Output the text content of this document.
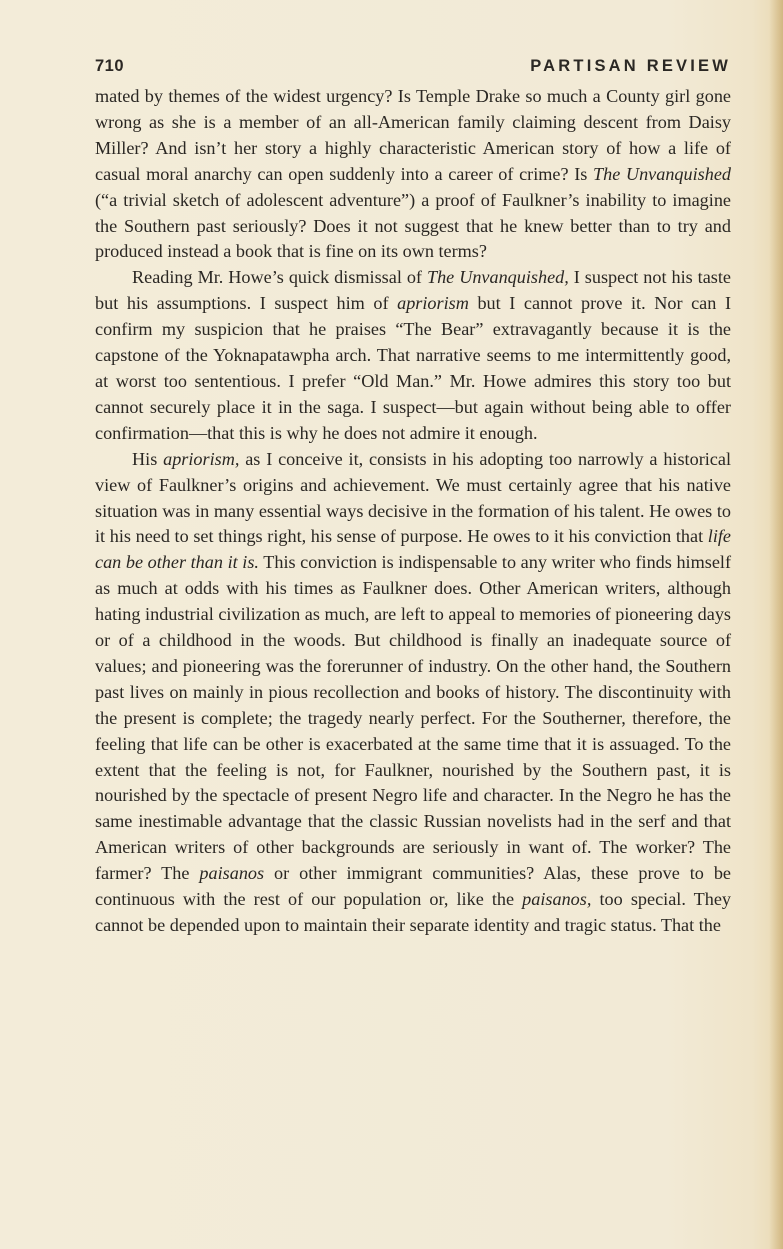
710	PARTISAN REVIEW

mated by themes of the widest urgency? Is Temple Drake so much a County girl gone wrong as she is a member of an all-American family claiming descent from Daisy Miller? And isn’t her story a highly characteristic American story of how a life of casual moral anarchy can open suddenly into a career of crime? Is The Unvanquished (“a trivial sketch of adolescent adventure”) a proof of Faulkner’s inability to imagine the Southern past seriously? Does it not suggest that he knew better than to try and produced instead a book that is fine on its own terms?

Reading Mr. Howe’s quick dismissal of The Unvanquished, I suspect not his taste but his assumptions. I suspect him of apriorism but I cannot prove it. Nor can I confirm my suspicion that he praises “The Bear” extravagantly because it is the capstone of the Yoknapatawpha arch. That narrative seems to me intermittently good, at worst too sententious. I prefer “Old Man.” Mr. Howe admires this story too but cannot securely place it in the saga. I suspect—but again without being able to offer confirmation—that this is why he does not admire it enough.

His apriorism, as I conceive it, consists in his adopting too narrowly a historical view of Faulkner’s origins and achievement. We must certainly agree that his native situation was in many essential ways decisive in the formation of his talent. He owes to it his need to set things right, his sense of purpose. He owes to it his conviction that life can be other than it is. This conviction is indispensable to any writer who finds himself as much at odds with his times as Faulkner does. Other American writers, although hating industrial civilization as much, are left to appeal to memories of pioneering days or of a childhood in the woods. But childhood is finally an inadequate source of values; and pioneering was the forerunner of industry. On the other hand, the Southern past lives on mainly in pious recollection and books of history. The discontinuity with the present is complete; the tragedy nearly perfect. For the Southerner, therefore, the feeling that life can be other is exacerbated at the same time that it is assuaged. To the extent that the feeling is not, for Faulkner, nourished by the Southern past, it is nourished by the spectacle of present Negro life and character. In the Negro he has the same inestimable advantage that the classic Russian novelists had in the serf and that American writers of other backgrounds are seriously in want of. The worker? The farmer? The paisanos or other immigrant communities? Alas, these prove to be continuous with the rest of our population or, like the paisanos, too special. They cannot be depended upon to maintain their separate identity and tragic status. That the
